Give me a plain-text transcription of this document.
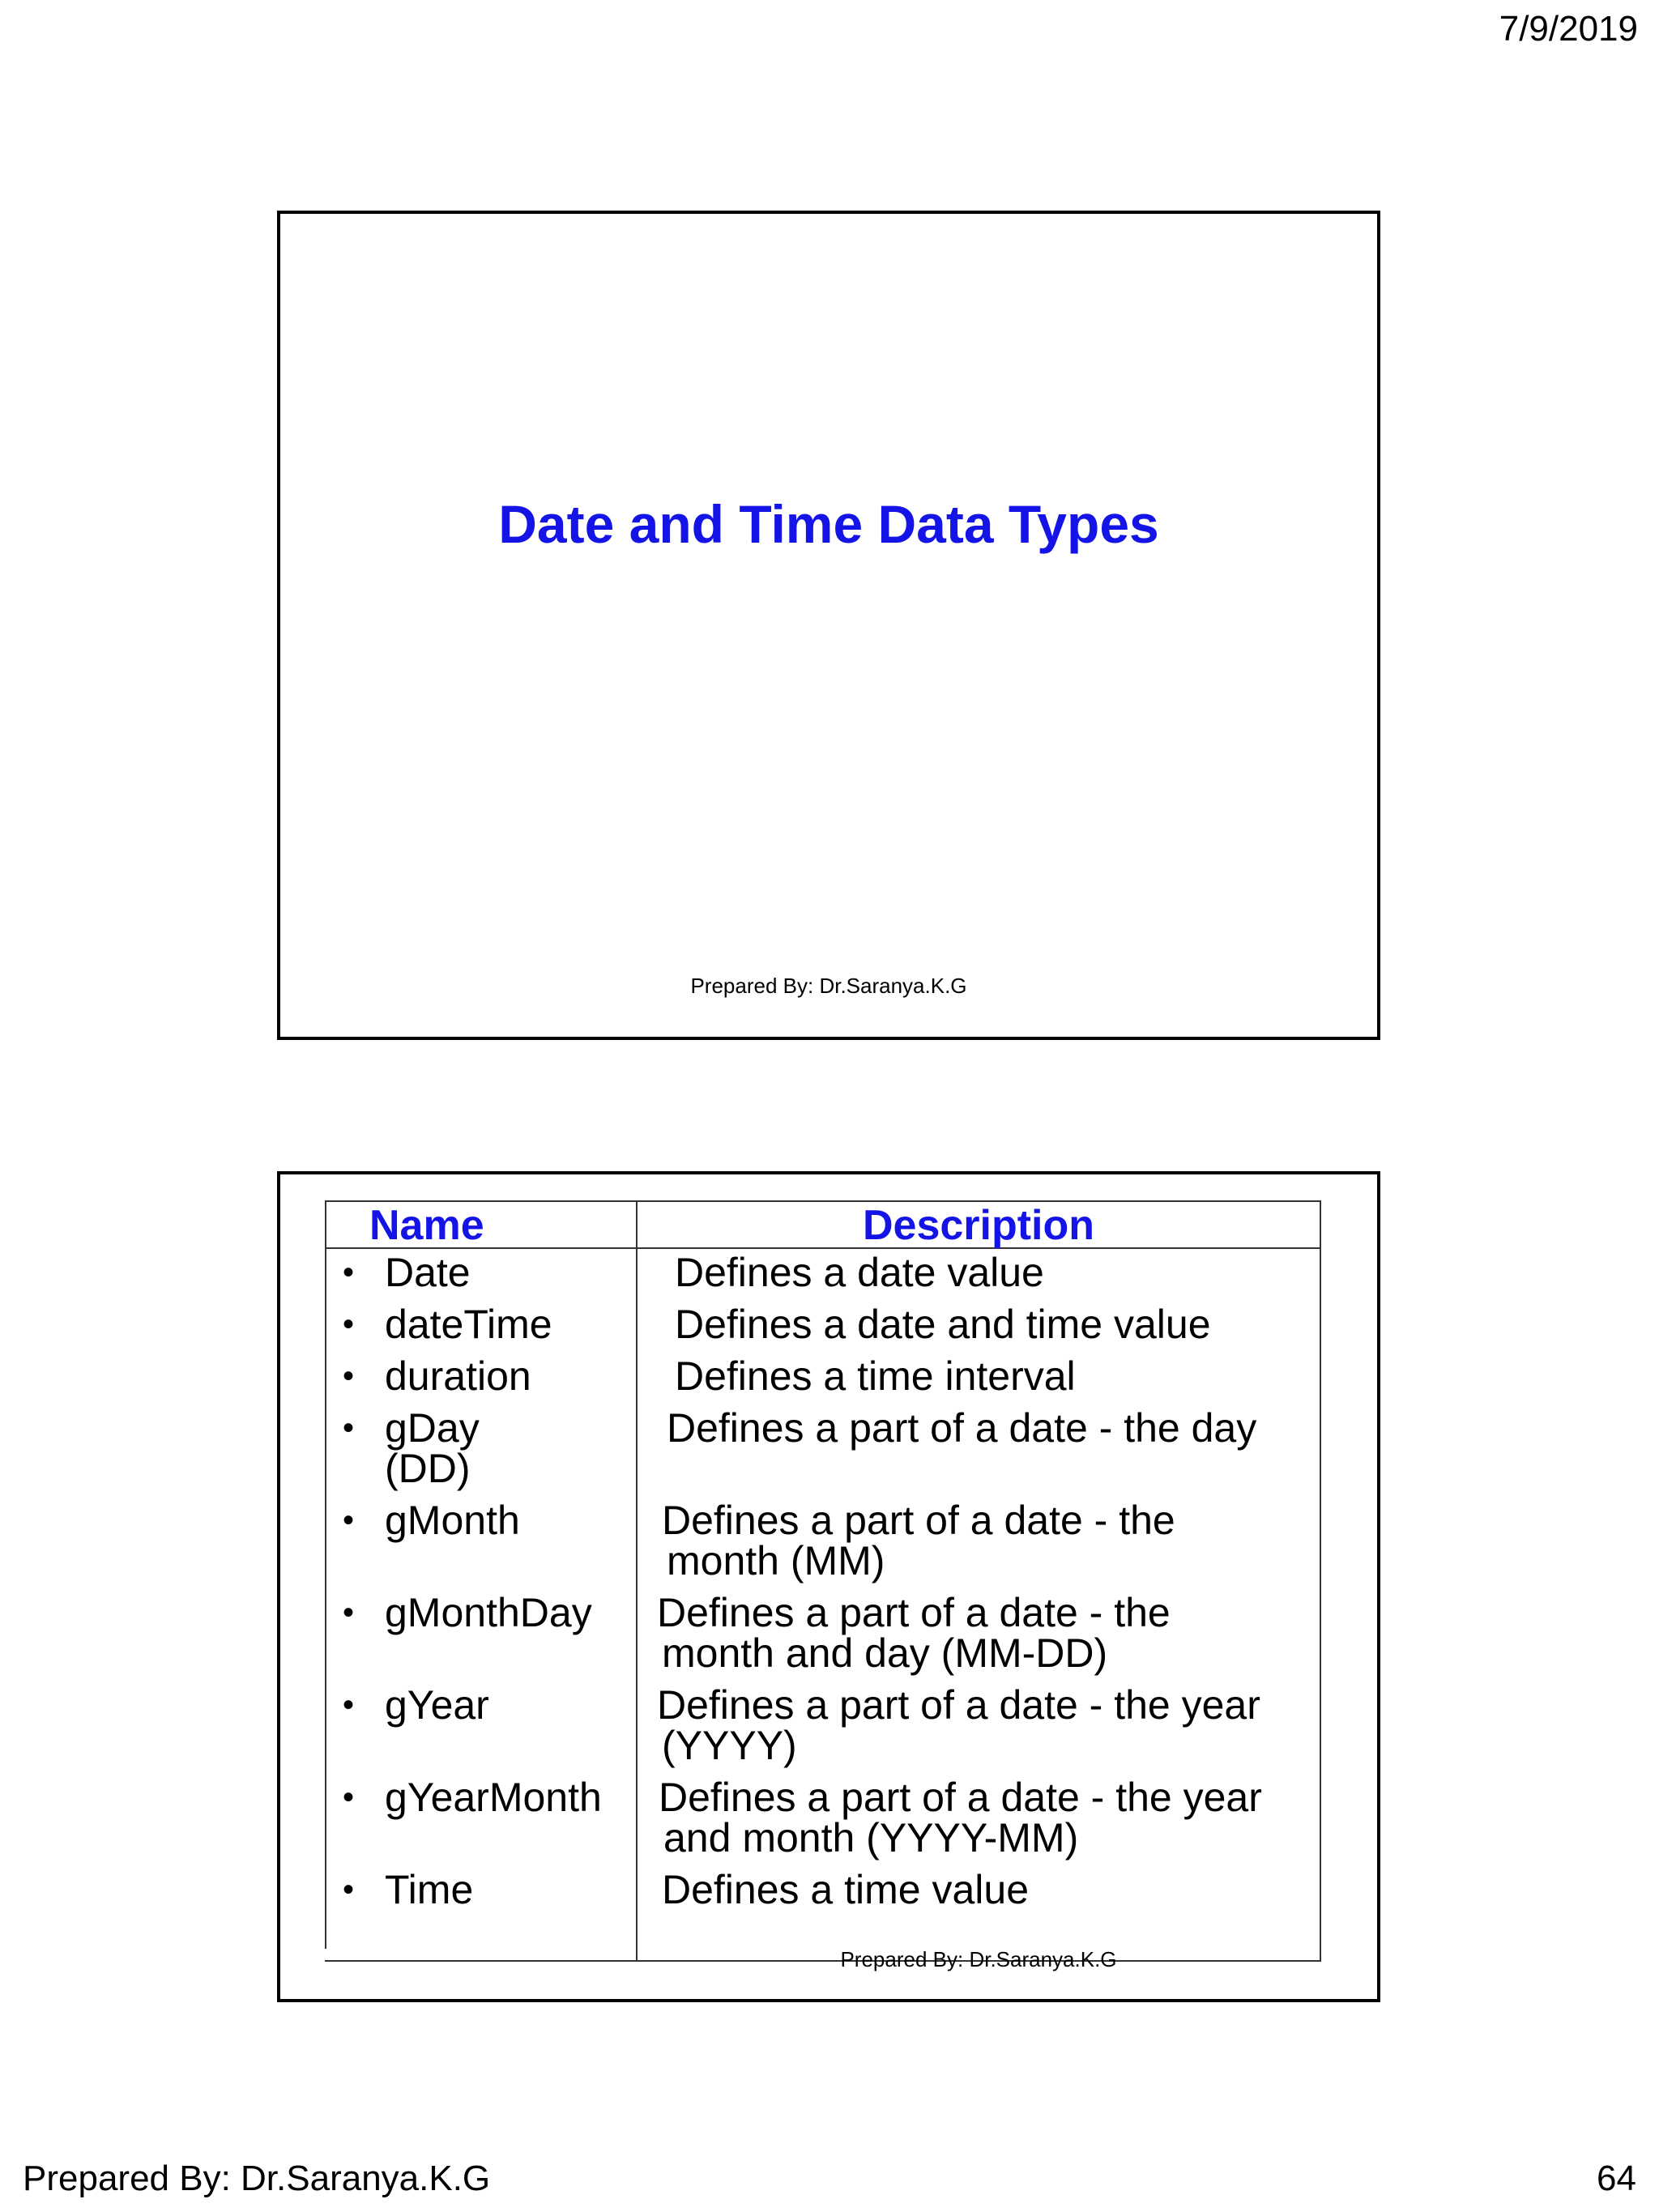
7/9/2019
Date and Time Data Types
Prepared By: Dr.Saranya.K.G
Name	Description
• Date	Defines a date value
• dateTime	Defines a date and time value
• duration	Defines a time interval
• gDay (DD)
Defines a part of a date - the day
• gMonth	Defines a part of a date - the
month (MM)
• gMonthDay Defines a part of a date - the
month and day (MM-DD)
• gYear	Defines a part of a date - the year
(YYYY)
• gYearMonth Defines a part of a date - the year
and month (YYYY-MM)
• Time	Defines a time value
Prepared By: Dr.Saranya.K.G
Prepared By: Dr.Saranya.K.G	64
